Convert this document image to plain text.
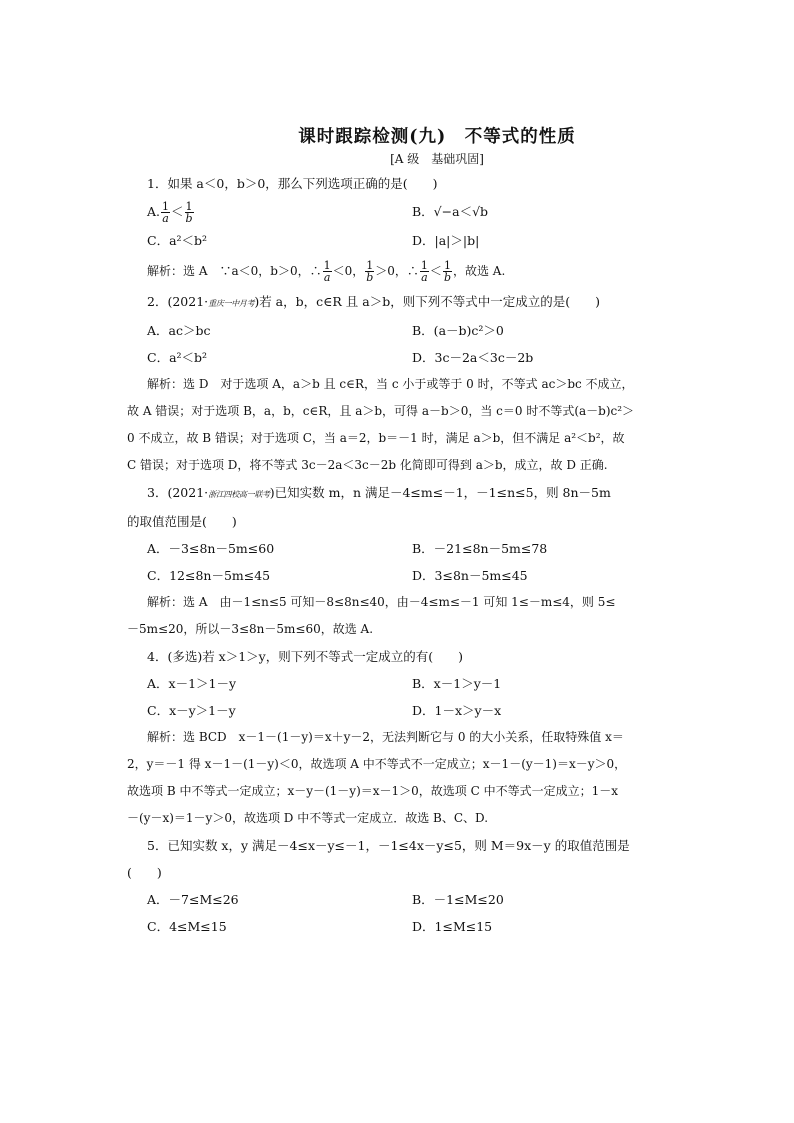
课时跟踪检测(九)　不等式的性质
[A 级　基础巩固]
1．如果 a＜0，b＞0，那么下列选项正确的是(　　)
A. $\frac{1}{a} < \frac{1}{b}$	B．√−a＜√b
C．a²＜b²	D．|a|＞|b|
解析：选 A　∵a＜0，b＞0，∴ $\frac{1}{a} <0$， $\frac{1}{b} >0$，∴ $\frac{1}{a} < \frac{1}{b}$ ，故选 A.
2．(2021·重庆一中月考)若 a，b，c∈R 且 a＞b，则下列不等式中一定成立的是(　　)
A．ac＞bc	B．(a－b)c²＞0
C．a²＜b²	D．3c－2a＜3c－2b
解析：选 D　对于选项 A，a＞b 且 c∈R，当 c 小于或等于 0 时，不等式 ac＞bc 不成立，
故 A 错误；对于选项 B，a，b，c∈R，且 a＞b，可得 a－b＞0，当 c＝0 时不等式(a－b)c²＞
0 不成立，故 B 错误；对于选项 C，当 a＝2，b＝－1 时，满足 a＞b，但不满足 a²＜b²，故
C 错误；对于选项 D，将不等式 3c－2a＜3c－2b 化简即可得到 a＞b，成立，故 D 正确.
3．(2021·浙江四校高一联考)已知实数 m，n 满足－4≤m≤－1，－1≤n≤5，则 8n－5m
的取值范围是(　　)
A．－3≤8n－5m≤60	B．－21≤8n－5m≤78
C．12≤8n－5m≤45	D．3≤8n－5m≤45
解析：选 A　由－1≤n≤5 可知－8≤8n≤40，由－4≤m≤－1 可知 1≤－m≤4，则 5≤
－5m≤20，所以－3≤8n－5m≤60，故选 A.
4．(多选)若 x＞1＞y，则下列不等式一定成立的有(　　)
A．x－1＞1－y	B．x－1＞y－1
C．x－y＞1－y	D．1－x＞y－x
解析：选 BCD　x－1－(1－y)＝x＋y－2，无法判断它与 0 的大小关系，任取特殊值 x＝
2，y＝－1 得 x－1－(1－y)＜0，故选项 A 中不等式不一定成立；x－1－(y－1)＝x－y＞0，
故选项 B 中不等式一定成立；x－y－(1－y)＝x－1＞0，故选项 C 中不等式一定成立；1－x
－(y－x)＝1－y＞0，故选项 D 中不等式一定成立．故选 B、C、D.
5．已知实数 x，y 满足－4≤x－y≤－1，－1≤4x－y≤5，则 M＝9x－y 的取值范围是
(　　)
A．－7≤M≤26	B．－1≤M≤20
C．4≤M≤15	D．1≤M≤15
